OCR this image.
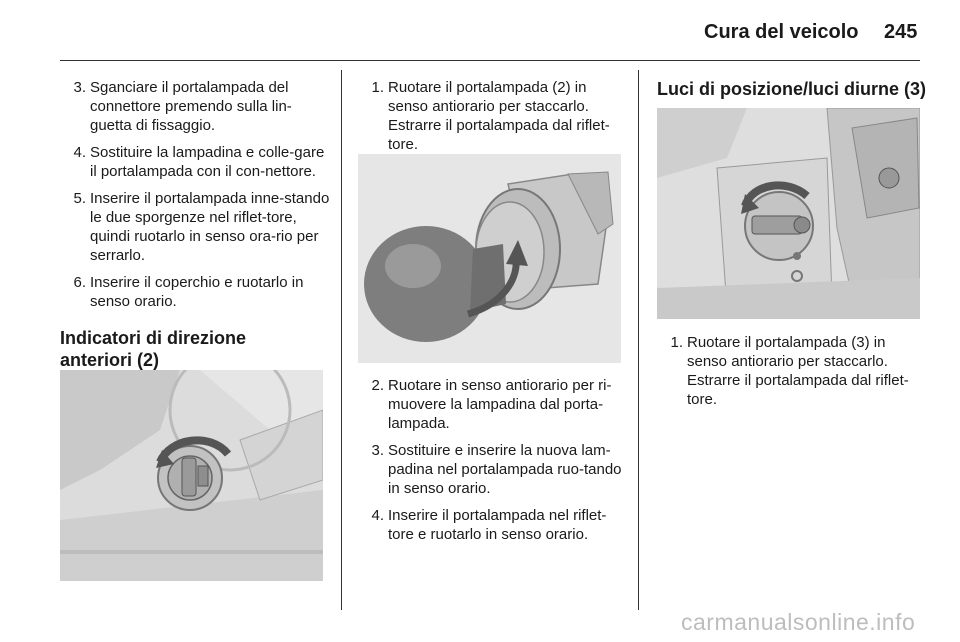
Cura del veicolo 245
3. Sganciare il portalampada del connettore premendo sulla lin-guetta di fissaggio.
4. Sostituire la lampadina e colle-gare il portalampada con il con-nettore.
5. Inserire il portalampada inne-stando le due sporgenze nel riflet-tore, quindi ruotarlo in senso ora-rio per serrarlo.
6. Inserire il coperchio e ruotarlo in senso orario.
Indicatori di direzione anteriori (2)
1. Ruotare il portalampada (2) in senso antiorario per staccarlo. Estrarre il portalampada dal riflet-tore.
2. Ruotare in senso antiorario per ri-muovere la lampadina dal porta-lampada.
3. Sostituire e inserire la nuova lam-padina nel portalampada ruo-tando in senso orario.
4. Inserire il portalampada nel riflet-tore e ruotarlo in senso orario.
Luci di posizione/luci diurne (3)
1. Ruotare il portalampada (3) in senso antiorario per staccarlo. Estrarre il portalampada dal riflet-tore.
carmanualsonline.info
